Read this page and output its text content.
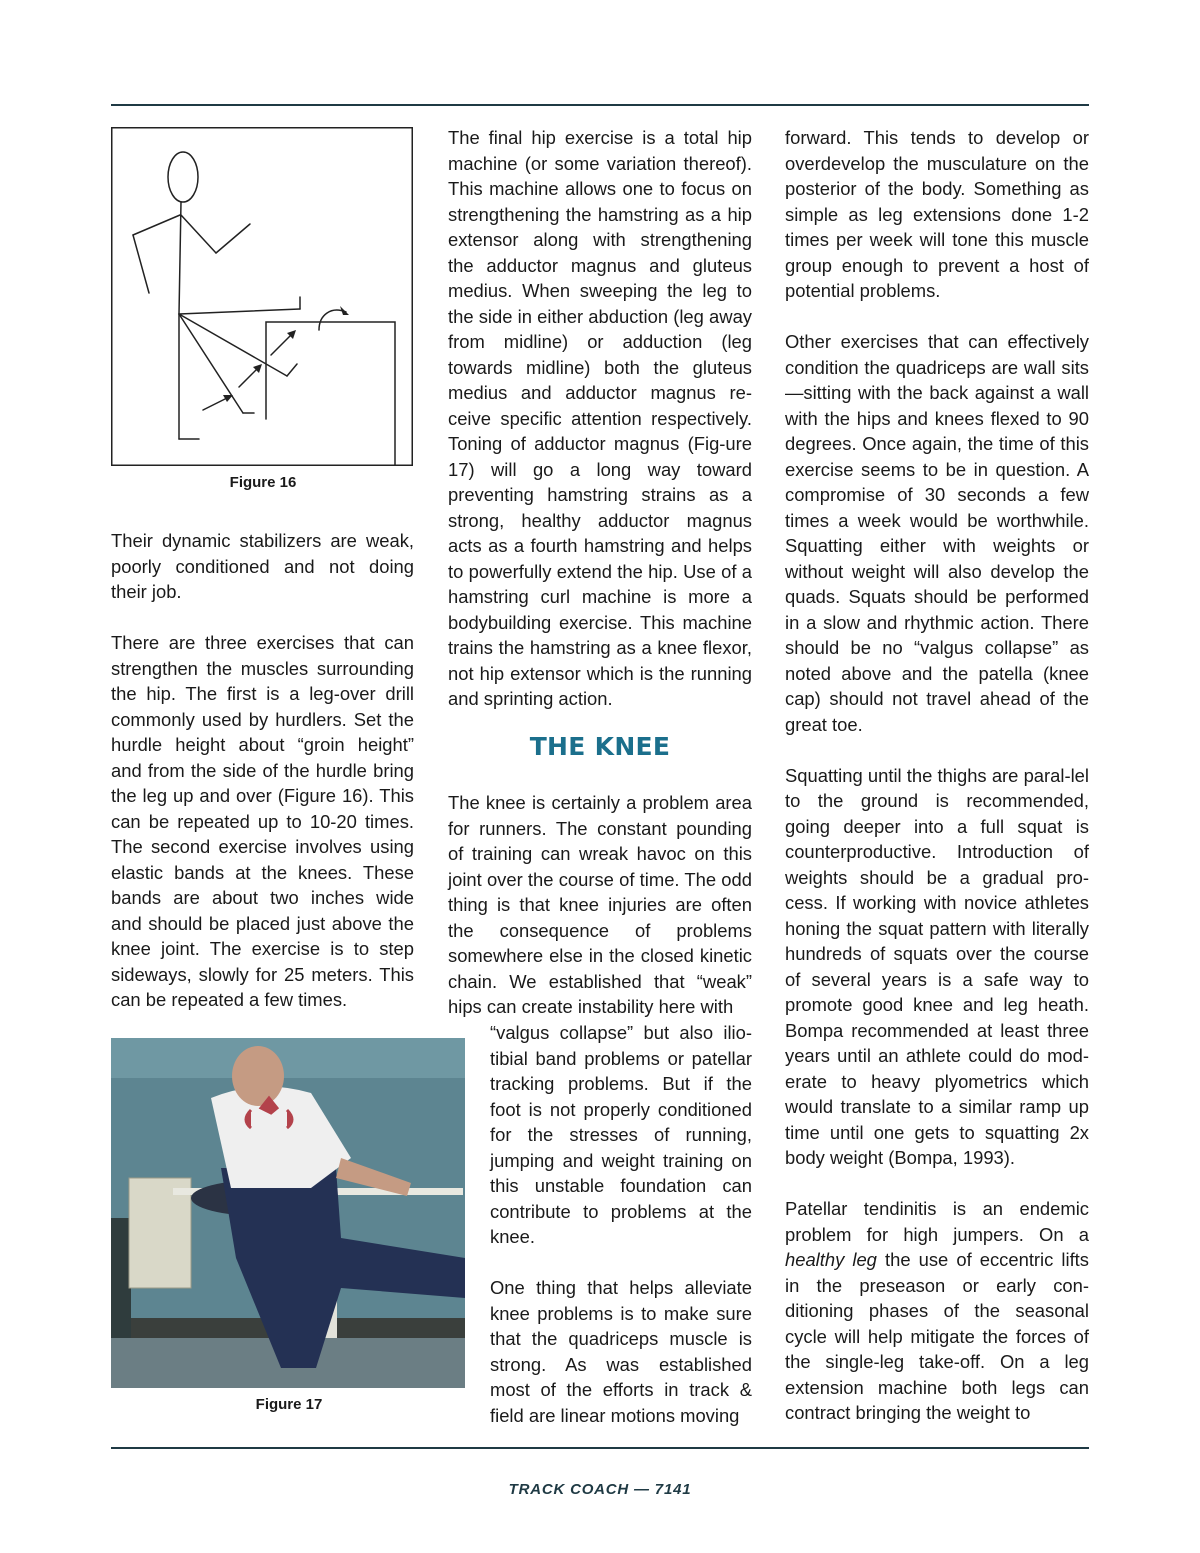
Figure 16

Their dynamic stabilizers are weak, poorly conditioned and not doing their job.

There are three exercises that can strengthen the muscles surrounding the hip. The first is a leg-over drill commonly used by hurdlers. Set the hurdle height about “groin height” and from the side of the hurdle bring the leg up and over (Figure 16). This can be repeated up to 10-20 times. The second exercise involves using elastic bands at the knees. These bands are about two inches wide and should be placed just above the knee joint. The exercise is to step sideways, slowly for 25 meters. This can be repeated a few times.

Figure 17

The final hip exercise is a total hip machine (or some variation thereof). This machine allows one to focus on strengthening the hamstring as a hip extensor along with strengthening the adductor magnus and gluteus medius. When sweeping the leg to the side in either abduction (leg away from midline) or adduction (leg towards midline) both the gluteus medius and adductor magnus re-ceive specific attention respectively. Toning of adductor magnus (Fig-ure 17) will go a long way toward preventing hamstring strains as a strong, healthy adductor magnus acts as a fourth hamstring and helps to powerfully extend the hip. Use of a hamstring curl machine is more a bodybuilding exercise. This machine trains the hamstring as a knee flexor, not hip extensor which is the running and sprinting action.

THE KNEE

The knee is certainly a problem area for runners. The constant pounding of training can wreak havoc on this joint over the course of time. The odd thing is that knee injuries are often the consequence of problems somewhere else in the closed kinetic chain. We established that “weak” hips can create instability here with

“valgus collapse” but also ilio-tibial band problems or patellar tracking problems. But if the foot is not properly conditioned for the stresses of running, jumping and weight training on this unstable foundation can contribute to problems at the knee.

One thing that helps alleviate knee problems is to make sure that the quadriceps muscle is strong. As was established most of the efforts in track & field are linear motions moving

forward. This tends to develop or overdevelop the musculature on the posterior of the body. Something as simple as leg extensions done 1-2 times per week will tone this muscle group enough to prevent a host of potential problems.

Other exercises that can effectively condition the quadriceps are wall sits—sitting with the back against a wall with the hips and knees flexed to 90 degrees. Once again, the time of this exercise seems to be in question. A compromise of 30 seconds a few times a week would be worthwhile. Squatting either with weights or without weight will also develop the quads. Squats should be performed in a slow and rhythmic action. There should be no “valgus collapse” as noted above and the patella (knee cap) should not travel ahead of the great toe.

Squatting until the thighs are paral-lel to the ground is recommended, going deeper into a full squat is counterproductive. Introduction of weights should be a gradual pro-cess. If working with novice athletes honing the squat pattern with literally hundreds of squats over the course of several years is a safe way to promote good knee and leg heath. Bompa recommended at least three years until an athlete could do mod-erate to heavy plyometrics which would translate to a similar ramp up time until one gets to squatting 2x body weight (Bompa, 1993).

Patellar tendinitis is an endemic problem for high jumpers. On a healthy leg the use of eccentric lifts in the preseason or early con-ditioning phases of the seasonal cycle will help mitigate the forces of the single-leg take-off. On a leg extension machine both legs can contract bringing the weight to

TRACK COACH — 7141
